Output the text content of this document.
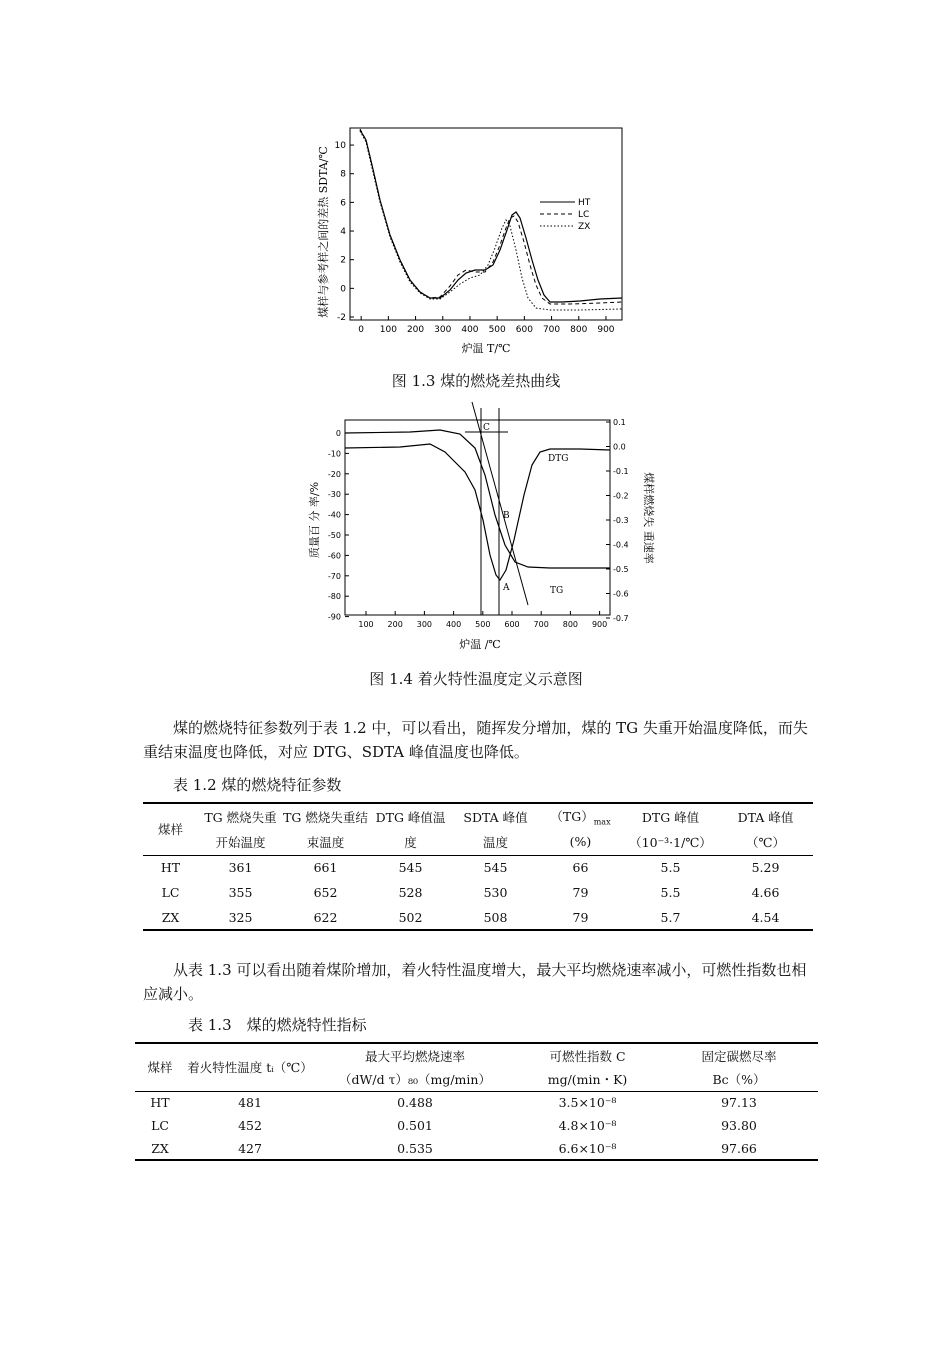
煤样与参考样之间的差热 SDTA/℃
-2
0
2
4
6
8
10
0 100 200 300 400 500 600 700 800 900
HT
LC
ZX
炉温 T/℃
图 1.3 煤的燃烧差热曲线
质量百 分 率/%	煤样燃烧失 重速率
0
-10
-20
-30
-40
-50
-60
-70
-80
-90
0.1
0.0
-0.1
-0.2
-0.3
-0.4
-0.5
-0.6
-0.7
100 200 300 400 500 600 700 800 900
C
B
A
DTG
TG
炉温 /℃
图 1.4 着火特性温度定义示意图
煤的燃烧特征参数列于表 1.2 中，可以看出，随挥发分增加，煤的 TG 失重开始温度降低，而失重结束温度也降低，对应 DTG、SDTA 峰值温度也降低。
表 1.2 煤的燃烧特征参数
煤样	TG 燃烧失重	TG 燃烧失重结	DTG 峰值温	SDTA 峰值	$(TG)_{max}$	DTG 峰值	DTA 峰值
	开始温度	束温度	度	温度	(%)	（10⁻³·1/℃）	（℃）
HT	361	661	545	545	66	5.5	5.29
LC	355	652	528	530	79	5.5	4.66
ZX	325	622	502	508	79	5.7	4.54
从表 1.3 可以看出随着煤阶增加，着火特性温度增大，最大平均燃烧速率减小，可燃性指数也相应减小。
表 1.3　煤的燃烧特性指标
煤样	着火特性温度 tᵢ（℃）	最大平均燃烧速率	可燃性指数 C	固定碳燃尽率
		（dW/d τ）₈₀（mg/min）	mg/(min・K)	Bc（%）
HT	481	0.488	3.5×10⁻⁸	97.13
LC	452	0.501	4.8×10⁻⁸	93.80
ZX	427	0.535	6.6×10⁻⁸	97.66
